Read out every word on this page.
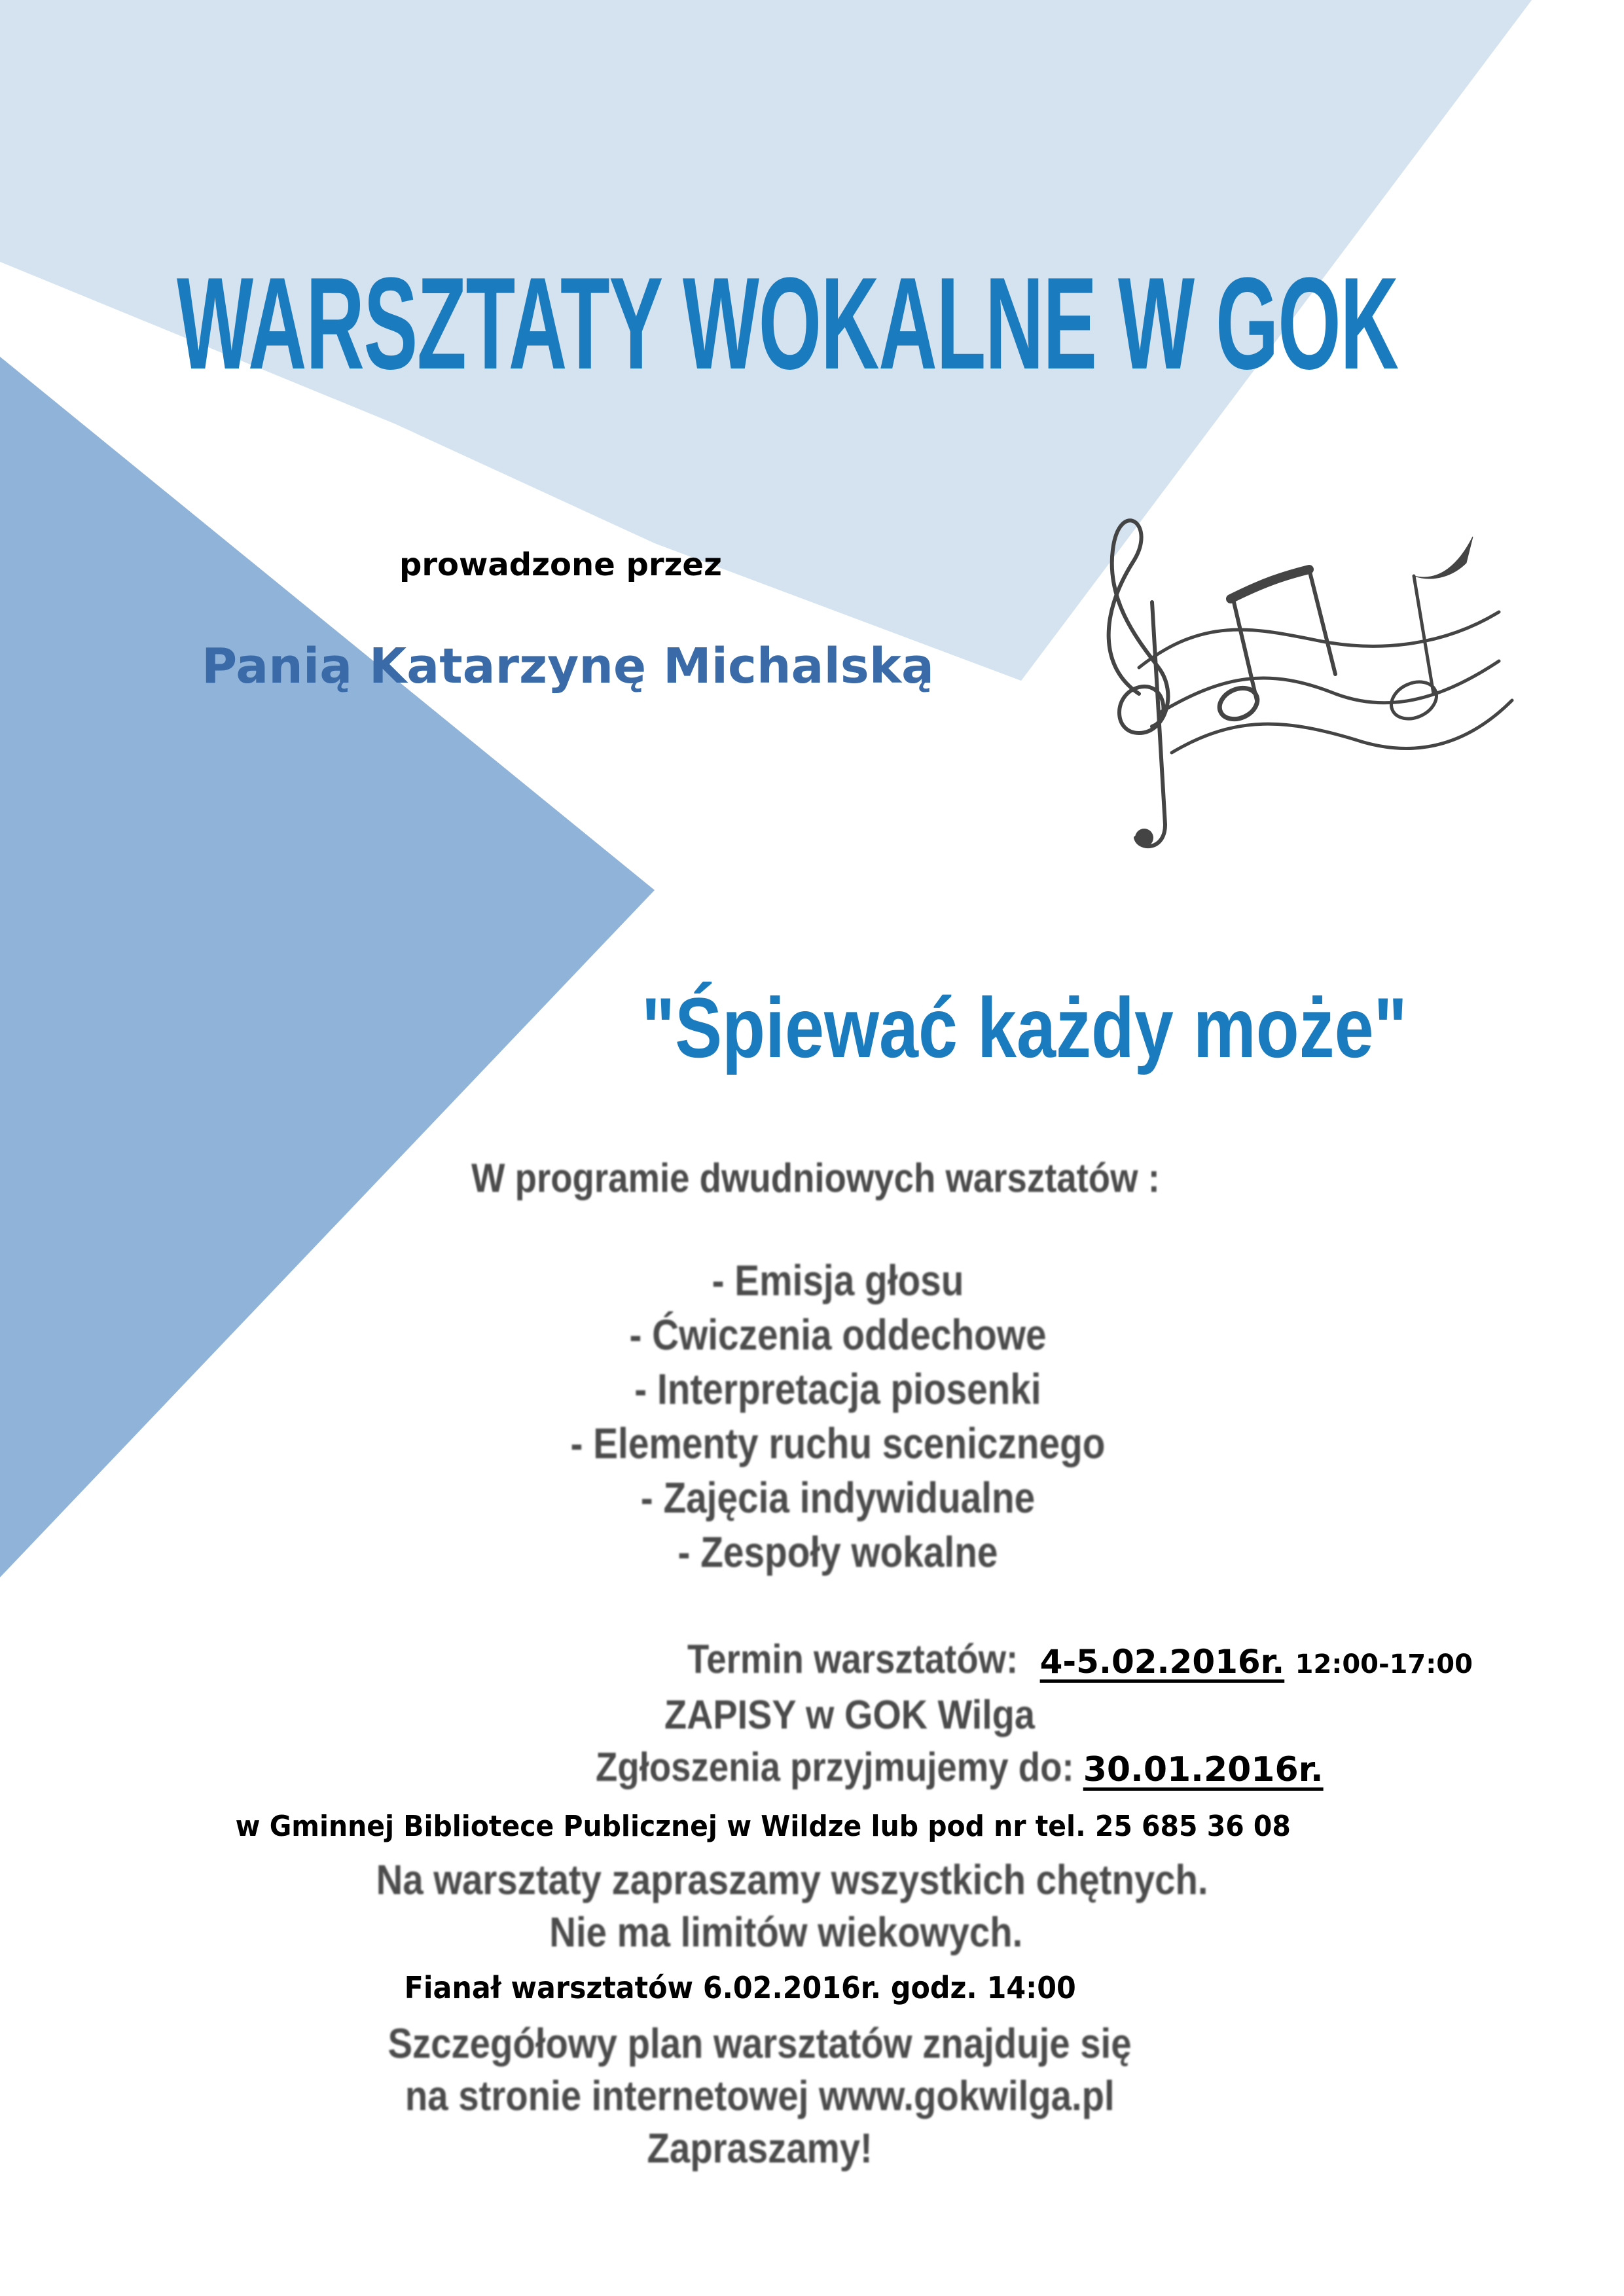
WARSZTATY WOKALNE W GOK
prowadzone przez
Panią Katarzynę Michalską
"Śpiewać każdy może"
W programie dwudniowych warsztatów :
- Emisja głosu
- Ćwiczenia oddechowe
- Interpretacja piosenki
- Elementy ruchu scenicznego
- Zajęcia indywidualne
- Zespoły wokalne
Termin warsztatów: 4-5.02.2016r. 12:00-17:00
ZAPISY w GOK Wilga
Zgłoszenia przyjmujemy do: 30.01.2016r.
w Gminnej Bibliotece Publicznej w Wildze lub pod nr tel. 25 685 36 08
Na warsztaty zapraszamy wszystkich chętnych.
Nie ma limitów wiekowych.
Fianał warsztatów 6.02.2016r. godz. 14:00
Szczegółowy plan warsztatów znajduje się
na stronie internetowej www.gokwilga.pl
Zapraszamy!
